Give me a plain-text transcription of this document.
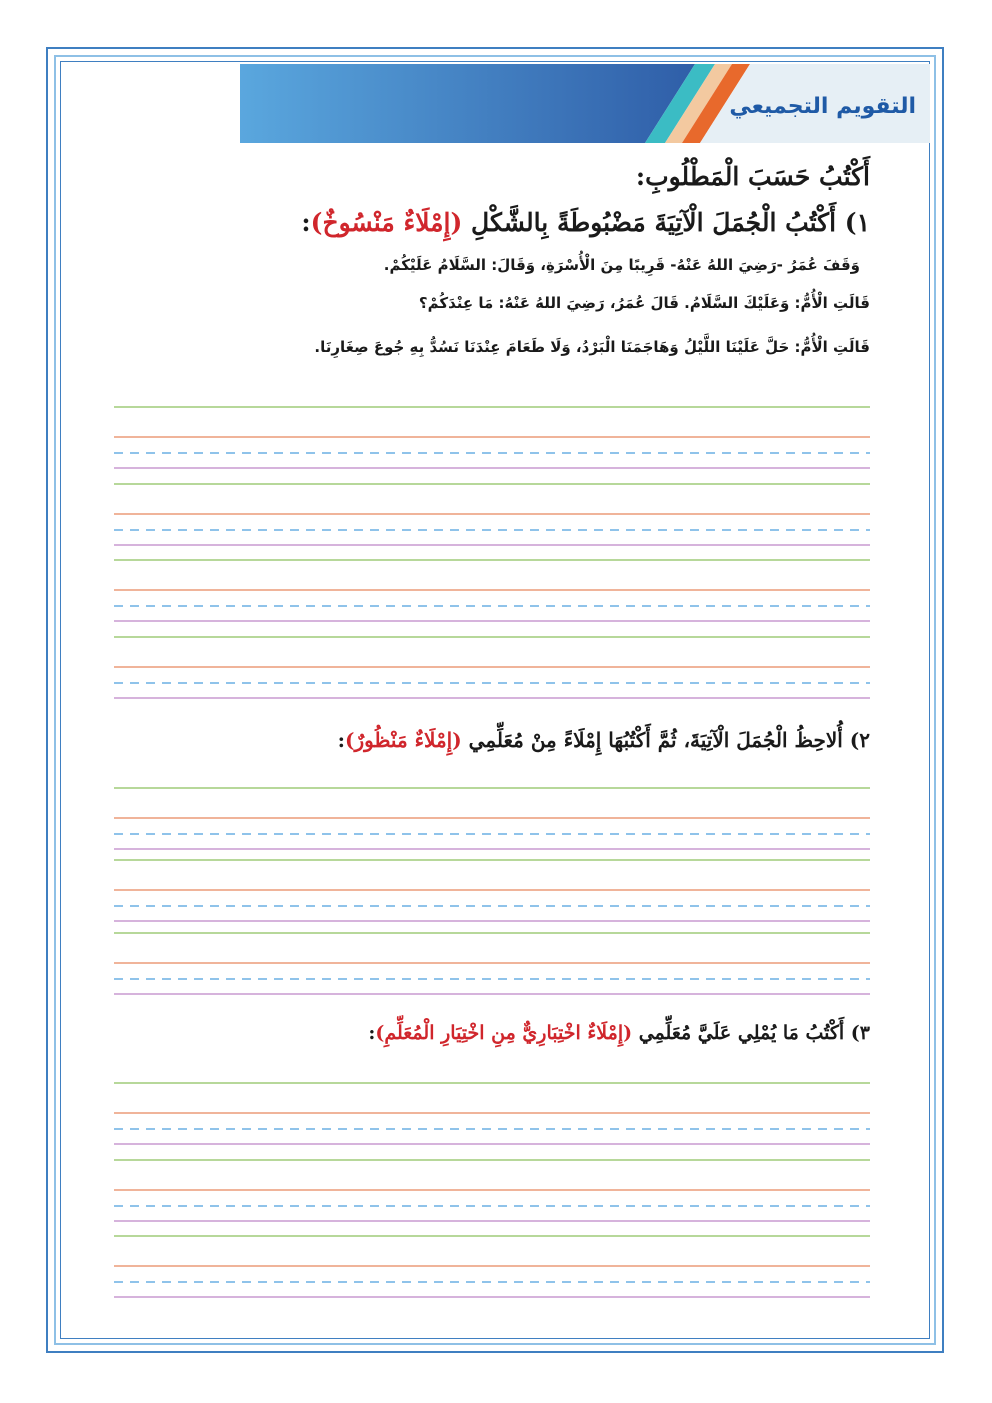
التقويم التجميعي
أَكْتُبُ حَسَبَ الْمَطْلُوبِ:
١) أَكْتُبُ الْجُمَلَ الْآتِيَةَ مَضْبُوطَةً بِالشَّكْلِ (إِمْلَاءٌ مَنْسُوخٌ):
وَقَفَ عُمَرُ -رَضِيَ اللهُ عَنْهُ- قَرِيبًا مِنَ الْأُسْرَةِ، وَقَالَ: السَّلَامُ عَلَيْكُمْ.
قَالَتِ الْأُمُّ: وَعَلَيْكَ السَّلَامُ. قَالَ عُمَرُ، رَضِيَ اللهُ عَنْهُ: مَا عِنْدَكُمْ؟
قَالَتِ الْأُمُّ: حَلَّ عَلَيْنَا اللَّيْلُ وَهَاجَمَنَا الْبَرْدُ، وَلَا طَعَامَ عِنْدَنَا نَسُدُّ بِهِ جُوعَ صِغَارِنَا.
٢) أُلاحِظُ الْجُمَلَ الْآتِيَةَ، ثُمَّ أَكْتُبُهَا إِمْلَاءً مِنْ مُعَلِّمِي (إِمْلَاءٌ مَنْظُورٌ):
٣) أَكْتُبُ مَا يُمْلِي عَلَيَّ مُعَلِّمِي (إِمْلَاءٌ اخْتِبَارِيٌّ مِنِ اخْتِيَارِ الْمُعَلِّمِ):
